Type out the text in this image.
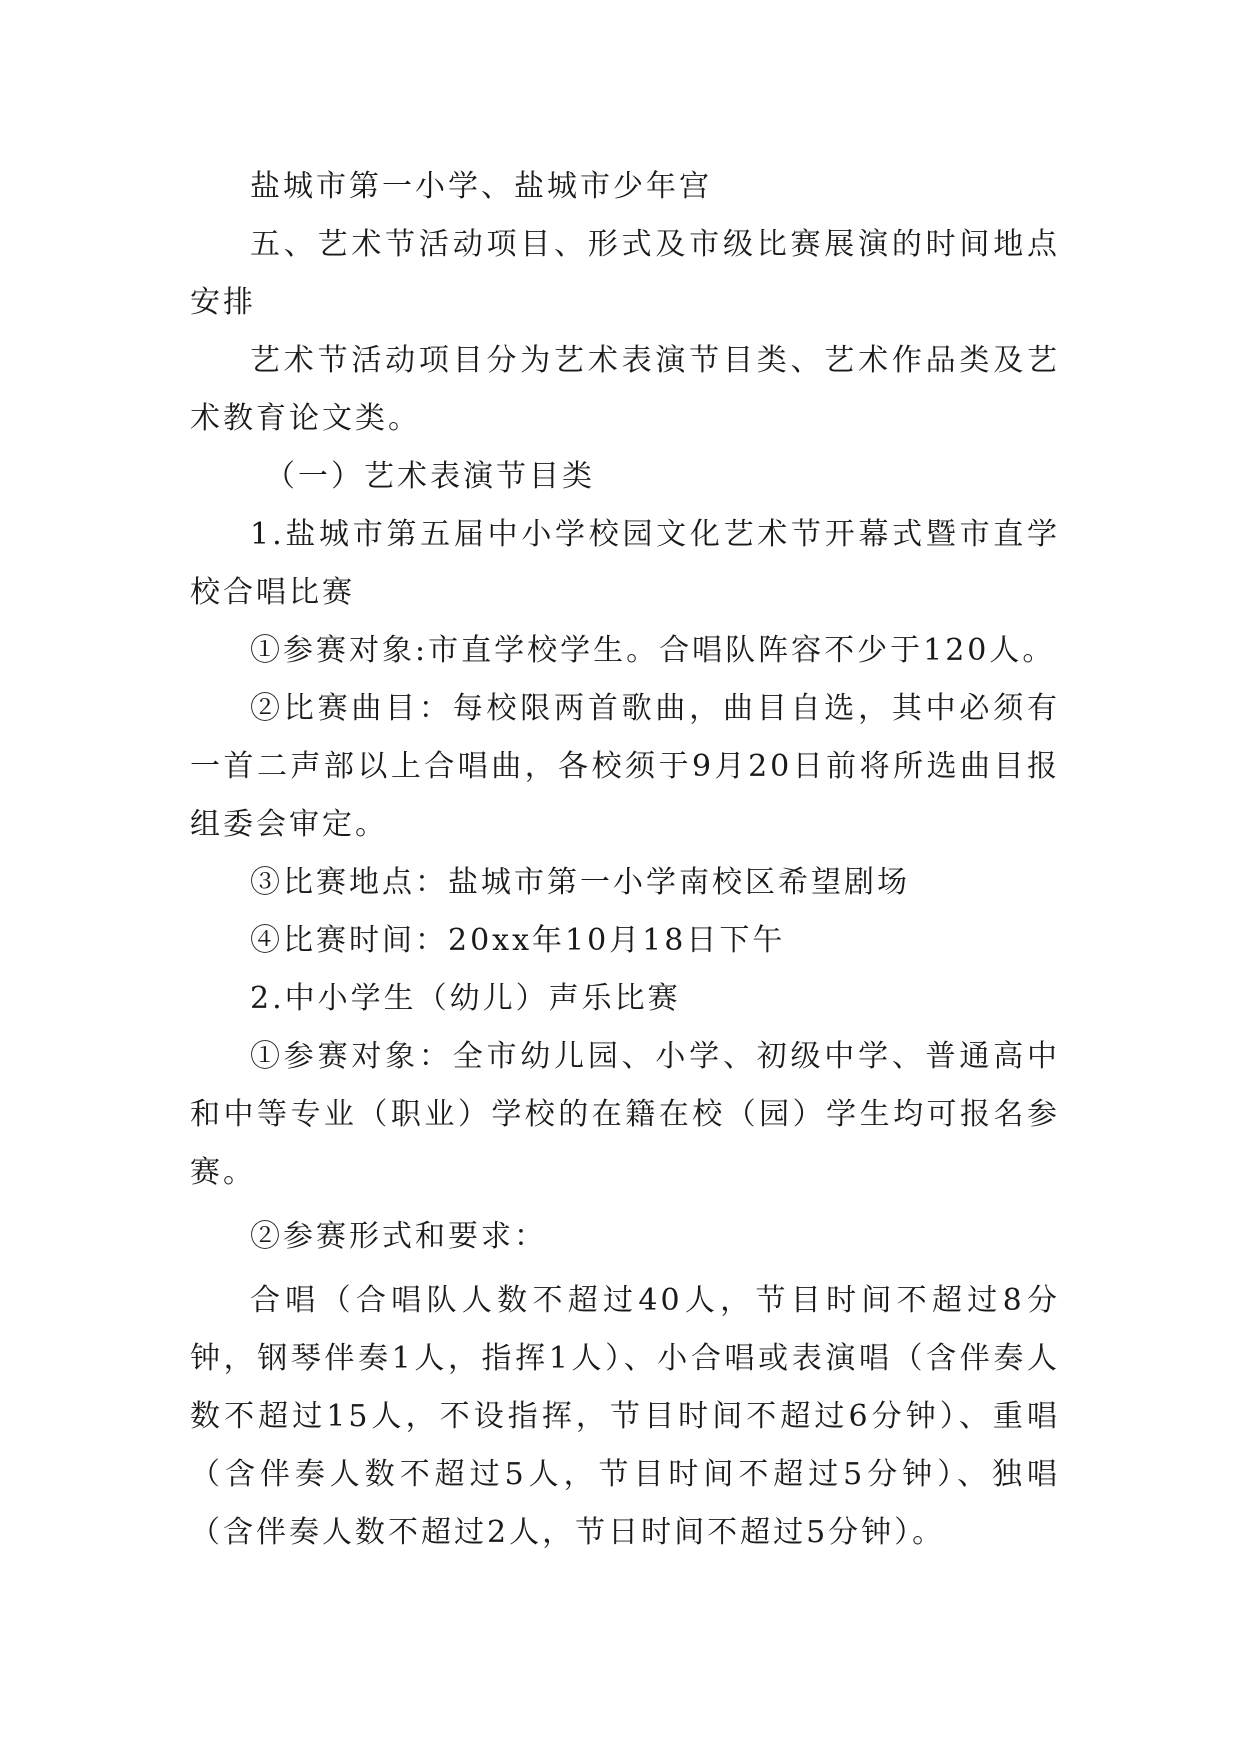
盐城市第一小学、盐城市少年宫

五、艺术节活动项目、形式及市级比赛展演的时间地点安排

艺术节活动项目分为艺术表演节目类、艺术作品类及艺术教育论文类。

（一）艺术表演节目类

1.盐城市第五届中小学校园文化艺术节开幕式暨市直学校合唱比赛

①参赛对象:市直学校学生。合唱队阵容不少于120人。

②比赛曲目：每校限两首歌曲，曲目自选，其中必须有一首二声部以上合唱曲，各校须于9月20日前将所选曲目报组委会审定。

③比赛地点：盐城市第一小学南校区希望剧场

④比赛时间：20xx年10月18日下午

2.中小学生（幼儿）声乐比赛

①参赛对象：全市幼儿园、小学、初级中学、普通高中和中等专业（职业）学校的在籍在校（园）学生均可报名参赛。

②参赛形式和要求：

合唱（合唱队人数不超过40人，节目时间不超过8分钟，钢琴伴奏1人，指挥1人）、小合唱或表演唱（含伴奏人数不超过15人，不设指挥，节目时间不超过6分钟）、重唱（含伴奏人数不超过5人，节目时间不超过5分钟）、独唱（含伴奏人数不超过2人，节日时间不超过5分钟）。
